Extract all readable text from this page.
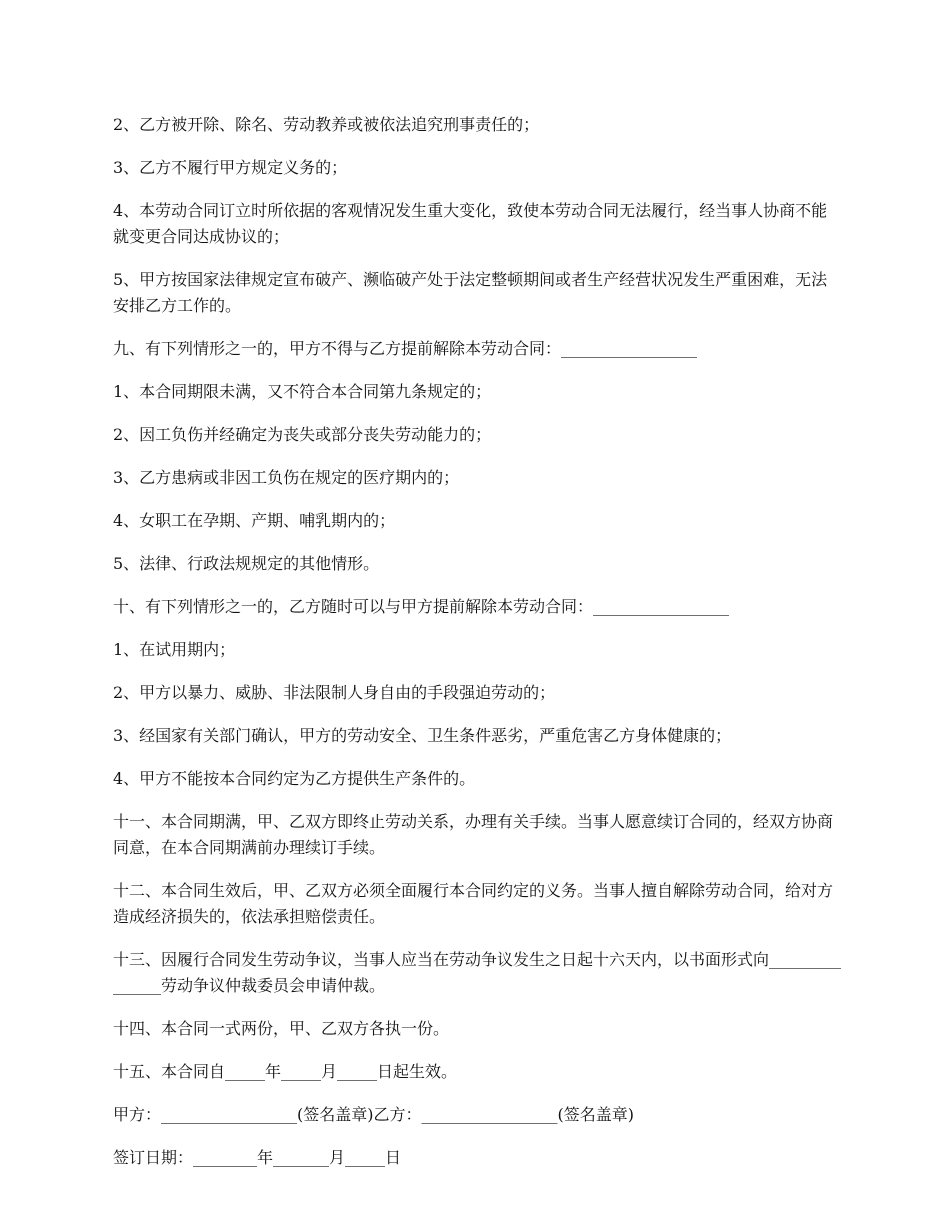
2、乙方被开除、除名、劳动教养或被依法追究刑事责任的；

3、乙方不履行甲方规定义务的；

4、本劳动合同订立时所依据的客观情况发生重大变化，致使本劳动合同无法履行，经当事人协商不能就变更合同达成协议的；

5、甲方按国家法律规定宣布破产、濒临破产处于法定整顿期间或者生产经营状况发生严重困难，无法安排乙方工作的。

九、有下列情形之一的，甲方不得与乙方提前解除本劳动合同：_________________

1、本合同期限未满，又不符合本合同第九条规定的；

2、因工负伤并经确定为丧失或部分丧失劳动能力的；

3、乙方患病或非因工负伤在规定的医疗期内的；

4、女职工在孕期、产期、哺乳期内的；

5、法律、行政法规规定的其他情形。

十、有下列情形之一的，乙方随时可以与甲方提前解除本劳动合同：_________________

1、在试用期内；

2、甲方以暴力、威胁、非法限制人身自由的手段强迫劳动的；

3、经国家有关部门确认，甲方的劳动安全、卫生条件恶劣，严重危害乙方身体健康的；

4、甲方不能按本合同约定为乙方提供生产条件的。

十一、本合同期满，甲、乙双方即终止劳动关系，办理有关手续。当事人愿意续订合同的，经双方协商同意，在本合同期满前办理续订手续。

十二、本合同生效后，甲、乙双方必须全面履行本合同约定的义务。当事人擅自解除劳动合同，给对方造成经济损失的，依法承担赔偿责任。

十三、因履行合同发生劳动争议，当事人应当在劳动争议发生之日起十六天内，以书面形式向_______________劳动争议仲裁委员会申请仲裁。

十四、本合同一式两份，甲、乙双方各执一份。

十五、本合同自_____年_____月_____日起生效。

甲方：_________________(签名盖章)乙方：_________________(签名盖章)

签订日期：________年_______月_____日
